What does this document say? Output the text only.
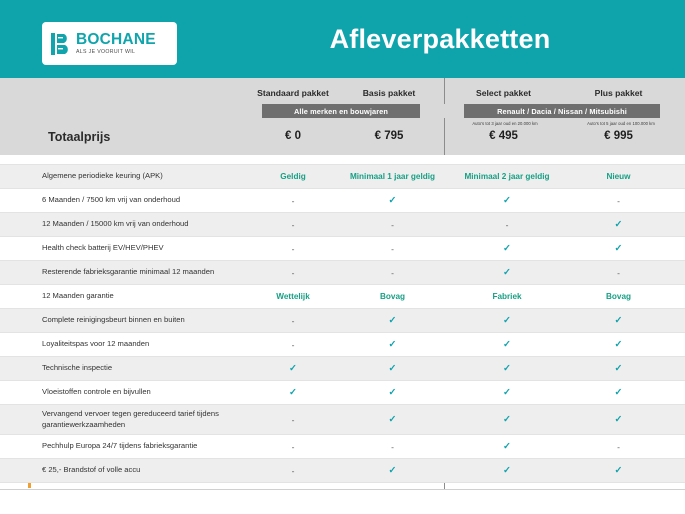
BOCHANE
ALS JE VOORUIT WIL	Afleverpakketten
Totaalprijs
Standaard pakket	Basis pakket	Select pakket	Plus pakket
Alle merken en bouwjaren	Renault / Dacia / Nissan / Mitsubishi
Auto's tot 3 jaar oud en 20.000 km	Auto's tot 5 jaar oud en 100.000 km
€ 0	€ 795	€ 495	€ 995
Algemene periodieke keuring (APK)	Geldig	Minimaal 1 jaar geldig	Minimaal 2 jaar geldig	Nieuw
6 Maanden / 7500 km vrij van onderhoud	-	✓	✓	-
12 Maanden / 15000 km vrij van onderhoud	-	-	-	✓
Health check batterij EV/HEV/PHEV	-	-	✓	✓
Resterende fabrieksgarantie minimaal 12 maanden	-	-	✓	-
12 Maanden garantie	Wettelijk	Bovag	Fabriek	Bovag
Complete reinigingsbeurt binnen en buiten	-	✓	✓	✓
Loyaliteitspas voor 12 maanden	-	✓	✓	✓
Technische inspectie	✓	✓	✓	✓
Vloeistoffen controle en bijvullen	✓	✓	✓	✓
Vervangend vervoer tegen gereduceerd tarief tijdens garantiewerkzaamheden	-	✓	✓	✓
Pechhulp Europa 24/7 tijdens fabrieksgarantie	-	-	✓	-
€ 25,- Brandstof of volle accu	-	✓	✓	✓
